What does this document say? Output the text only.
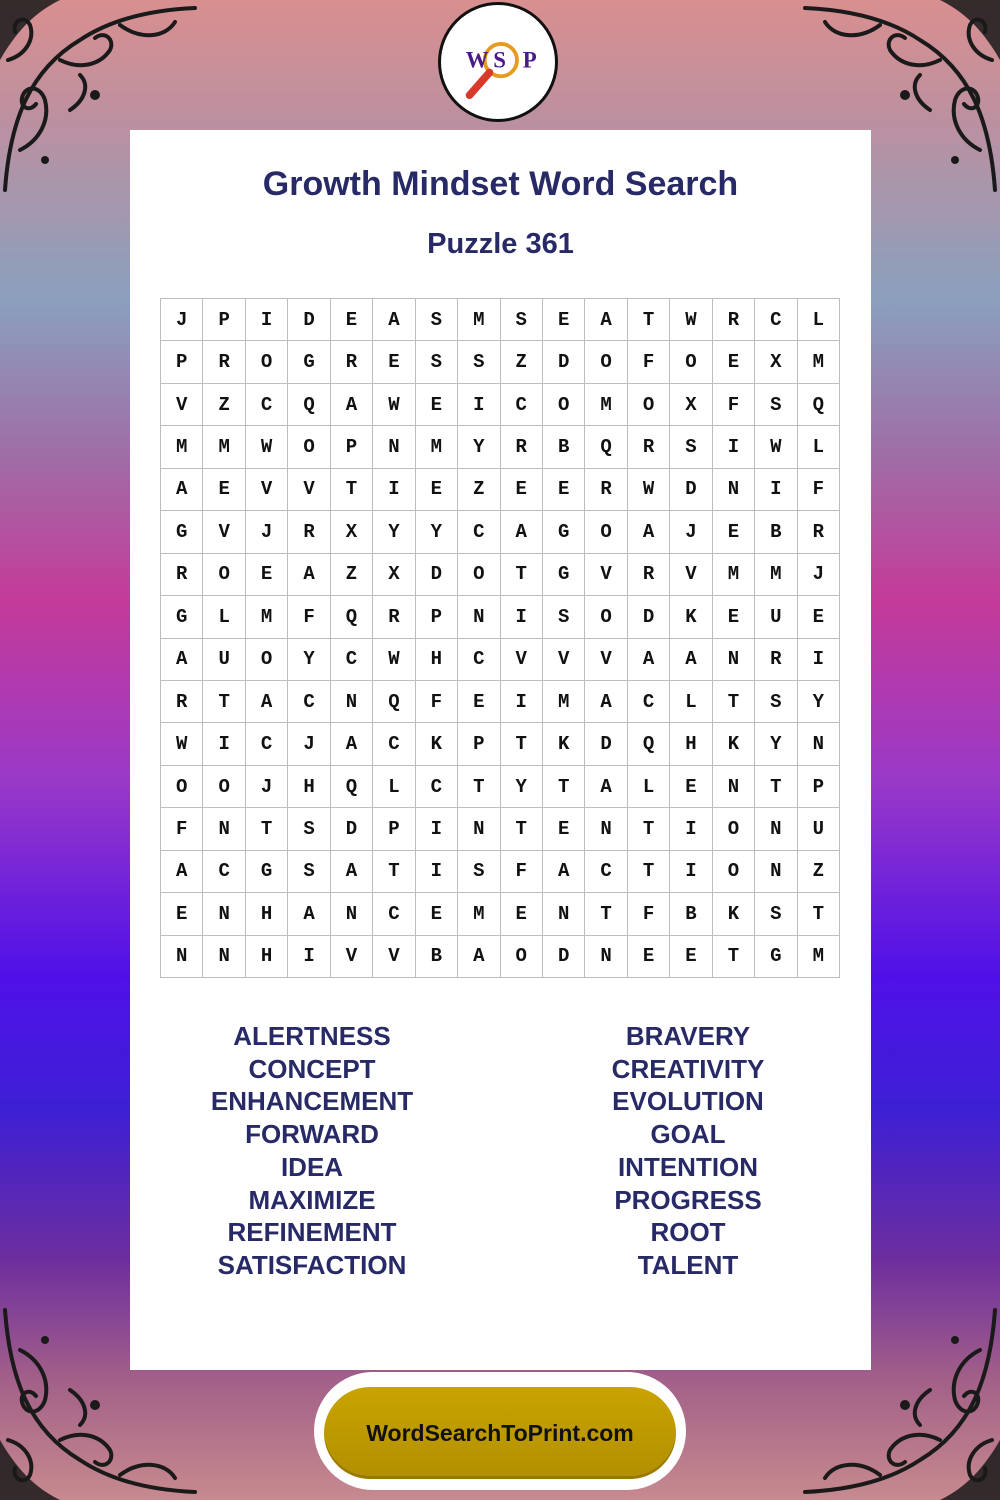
W S P
Growth Mindset Word Search
Puzzle 361
J	P	I	D	E	A	S	M	S	E	A	T	W	R	C	L
P	R	O	G	R	E	S	S	Z	D	O	F	O	E	X	M
V	Z	C	Q	A	W	E	I	C	O	M	O	X	F	S	Q
M	M	W	O	P	N	M	Y	R	B	Q	R	S	I	W	L
A	E	V	V	T	I	E	Z	E	E	R	W	D	N	I	F
G	V	J	R	X	Y	Y	C	A	G	O	A	J	E	B	R
R	O	E	A	Z	X	D	O	T	G	V	R	V	M	M	J
G	L	M	F	Q	R	P	N	I	S	O	D	K	E	U	E
A	U	O	Y	C	W	H	C	V	V	V	A	A	N	R	I
R	T	A	C	N	Q	F	E	I	M	A	C	L	T	S	Y
W	I	C	J	A	C	K	P	T	K	D	Q	H	K	Y	N
O	O	J	H	Q	L	C	T	Y	T	A	L	E	N	T	P
F	N	T	S	D	P	I	N	T	E	N	T	I	O	N	U
A	C	G	S	A	T	I	S	F	A	C	T	I	O	N	Z
E	N	H	A	N	C	E	M	E	N	T	F	B	K	S	T
N	N	H	I	V	V	B	A	O	D	N	E	E	T	G	M
ALERTNESS
CONCEPT
ENHANCEMENT
FORWARD
IDEA
MAXIMIZE
REFINEMENT
SATISFACTION
BRAVERY
CREATIVITY
EVOLUTION
GOAL
INTENTION
PROGRESS
ROOT
TALENT
WordSearchToPrint.com
